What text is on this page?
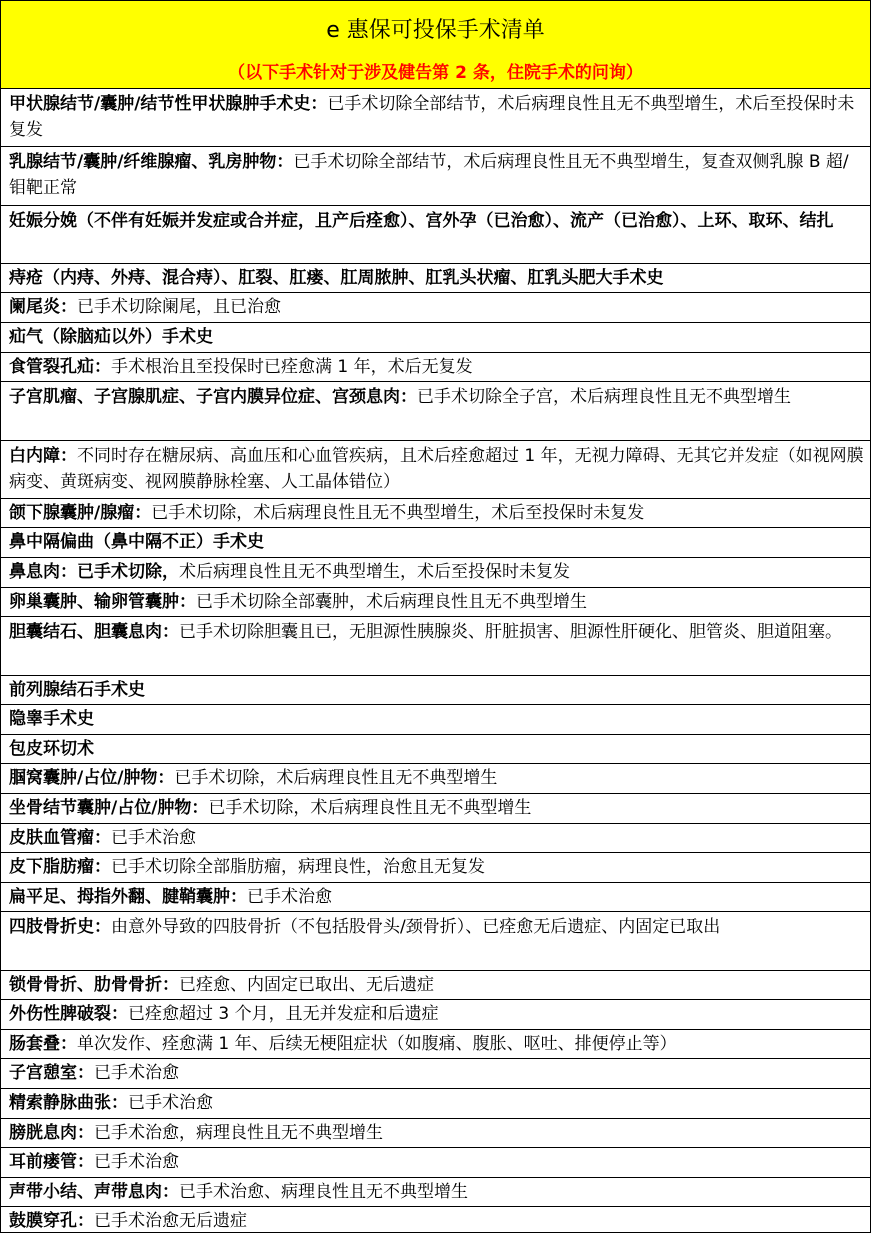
e 惠保可投保手术清单
（以下手术针对于涉及健告第 2 条，住院手术的问询）
甲状腺结节/囊肿/结节性甲状腺肿手术史：已手术切除全部结节，术后病理良性且无不典型增生，术后至投保时未复发
乳腺结节/囊肿/纤维腺瘤、乳房肿物：已手术切除全部结节，术后病理良性且无不典型增生，复查双侧乳腺 B 超/钼靶正常
妊娠分娩（不伴有妊娠并发症或合并症，且产后痊愈）、宫外孕（已治愈）、流产（已治愈）、上环、取环、结扎
痔疮（内痔、外痔、混合痔）、肛裂、肛瘘、肛周脓肿、肛乳头状瘤、肛乳头肥大手术史
阑尾炎：已手术切除阑尾，且已治愈
疝气（除脑疝以外）手术史
食管裂孔疝：手术根治且至投保时已痊愈满 1 年，术后无复发
子宫肌瘤、子宫腺肌症、子宫内膜异位症、宫颈息肉：已手术切除全子宫，术后病理良性且无不典型增生
白内障：不同时存在糖尿病、高血压和心血管疾病，且术后痊愈超过 1 年，无视力障碍、无其它并发症（如视网膜病变、黄斑病变、视网膜静脉栓塞、人工晶体错位）
颌下腺囊肿/腺瘤：已手术切除，术后病理良性且无不典型增生，术后至投保时未复发
鼻中隔偏曲（鼻中隔不正）手术史
鼻息肉：已手术切除，术后病理良性且无不典型增生，术后至投保时未复发
卵巢囊肿、输卵管囊肿：已手术切除全部囊肿，术后病理良性且无不典型增生
胆囊结石、胆囊息肉：已手术切除胆囊且已，无胆源性胰腺炎、肝脏损害、胆源性肝硬化、胆管炎、胆道阻塞。
前列腺结石手术史
隐睾手术史
包皮环切术
腘窝囊肿/占位/肿物：已手术切除，术后病理良性且无不典型增生
坐骨结节囊肿/占位/肿物：已手术切除，术后病理良性且无不典型增生
皮肤血管瘤：已手术治愈
皮下脂肪瘤：已手术切除全部脂肪瘤，病理良性，治愈且无复发
扁平足、拇指外翻、腱鞘囊肿：已手术治愈
四肢骨折史：由意外导致的四肢骨折（不包括股骨头/颈骨折）、已痊愈无后遗症、内固定已取出
锁骨骨折、肋骨骨折：已痊愈、内固定已取出、无后遗症
外伤性脾破裂：已痊愈超过 3 个月，且无并发症和后遗症
肠套叠：单次发作、痊愈满 1 年、后续无梗阻症状（如腹痛、腹胀、呕吐、排便停止等）
子宫憩室：已手术治愈
精索静脉曲张：已手术治愈
膀胱息肉：已手术治愈，病理良性且无不典型增生
耳前瘘管：已手术治愈
声带小结、声带息肉：已手术治愈、病理良性且无不典型增生
鼓膜穿孔：已手术治愈无后遗症
